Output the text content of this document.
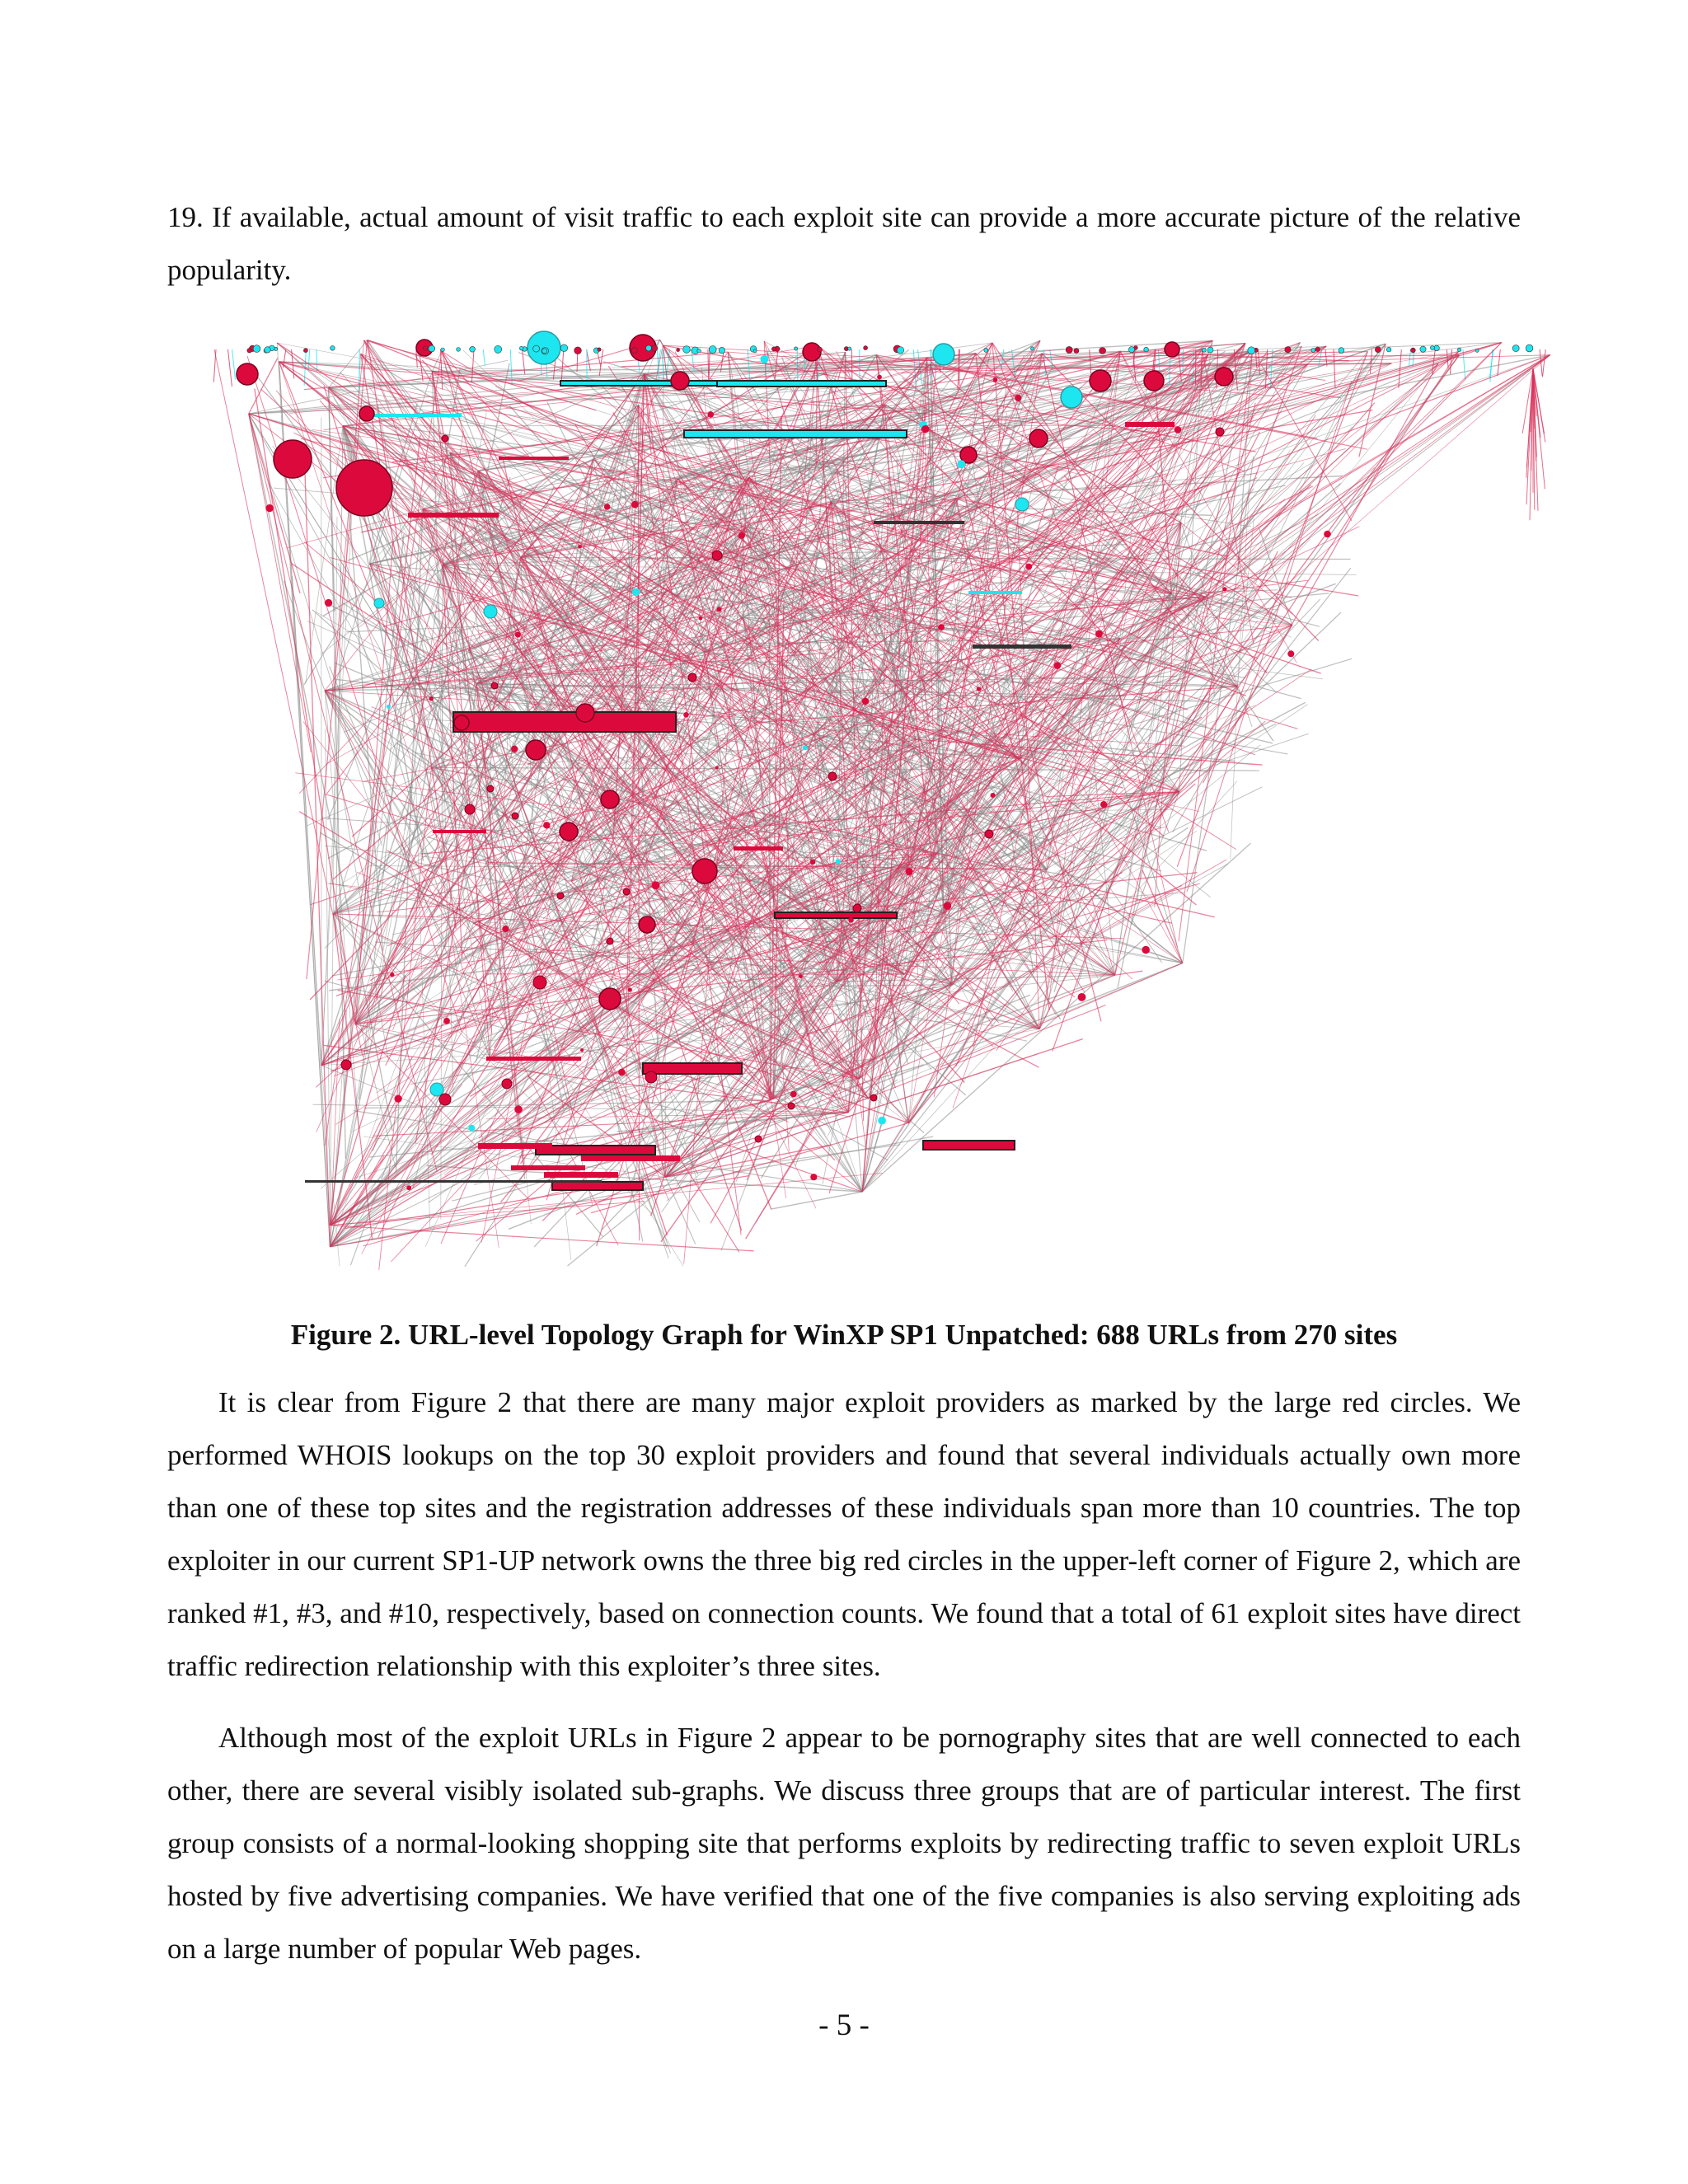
19. If available, actual amount of visit traffic to each exploit site can provide a more accurate picture of the relative popularity.

Figure 2. URL-level Topology Graph for WinXP SP1 Unpatched: 688 URLs from 270 sites

It is clear from Figure 2 that there are many major exploit providers as marked by the large red circles. We performed WHOIS lookups on the top 30 exploit providers and found that several individuals actually own more than one of these top sites and the registration addresses of these individuals span more than 10 countries. The top exploiter in our current SP1-UP network owns the three big red circles in the upper-left corner of Figure 2, which are ranked #1, #3, and #10, respectively, based on connection counts. We found that a total of 61 exploit sites have direct traffic redirection relationship with this exploiter’s three sites.

Although most of the exploit URLs in Figure 2 appear to be pornography sites that are well connected to each other, there are several visibly isolated sub-graphs. We discuss three groups that are of particular interest. The first group consists of a normal-looking shopping site that performs exploits by redirecting traffic to seven exploit URLs hosted by five advertising companies. We have verified that one of the five companies is also serving exploiting ads on a large number of popular Web pages.

- 5 -
